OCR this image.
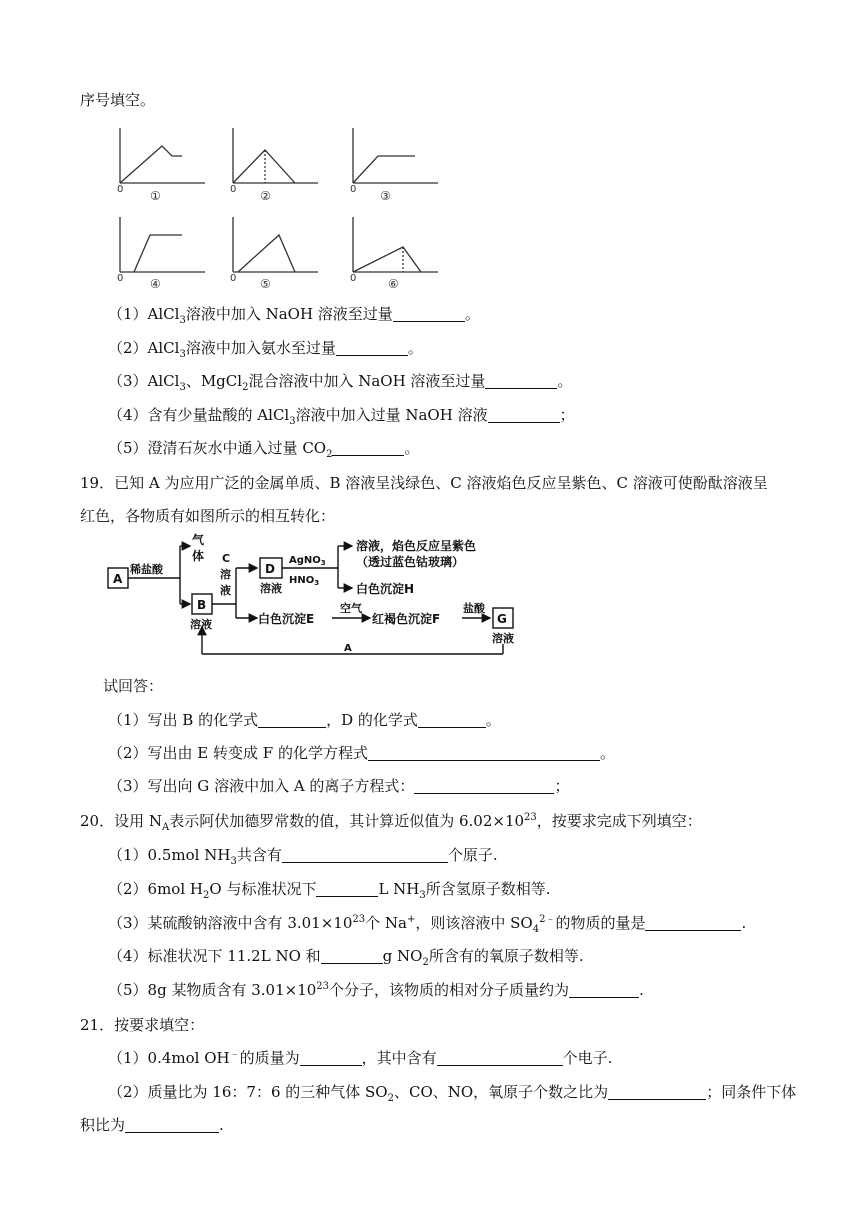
序号填空。
0	0	0
0	0	0
①	②	③
④	⑤	⑥
（1）AlCl$_3$溶液中加入 NaOH 溶液至过量	。
（2）AlCl$_3$溶液中加入氨水至过量	。
（3）AlCl$_3$、MgCl$_2$混合溶液中加入 NaOH 溶液至过量	。
（4）含有少量盐酸的 AlCl$_3$溶液中加入过量 NaOH 溶液	；
（5）澄清石灰水中通入过量 $CO_2$	。
19．已知 A 为应用广泛的金属单质、B 溶液呈浅绿色、C 溶液焰色反应呈紫色、C 溶液可使酚酞溶液呈
红色，各物质有如图所示的相互转化：
A
稀盐酸
气
体
B
溶液
C
溶
液
D
溶液
AgNO$_3$
$HNO_3$
溶液，焰色反应呈紫色
（透过蓝色钴玻璃）
白色沉淀H
白色沉淀E
空气
红褐色沉淀F
盐酸
G
溶液
A
试回答：
（1）写出 B 的化学式	，D 的化学式	。
（2）写出由 E 转变成 F 的化学方程式	。
（3）写出向 G 溶液中加入 A 的离子方程式：	；
20．设用 $N_A$表示阿伏加德罗常数的值，其计算近似值为 $6.02\times 10^{23}$，按要求完成下列填空：
（1）0.5mol $NH_3$共含有	个原子.
（2）6mol $H_2O$ 与标准状况下	L $NH_3$所含氢原子数相等.
（3）某硫酸钠溶液中含有 $3.01\times 10^{23}$个 Na+，则该溶液中 $SO_4^{2﹣}$的物质的量是	.
（4）标准状况下 11.2L NO 和	g $NO_2$所含有的氧原子数相等.
（5）8g 某物质含有 $3.01\times 10^{23}$个分子，该物质的相对分子质量约为	.
21．按要求填空：
（1）0.4mol OH﹣的质量为	，其中含有	个电子.
（2）质量比为 16：7：6 的三种气体 $SO_2$、CO、NO，氧原子个数之比为	；同条件下体
积比为	.
